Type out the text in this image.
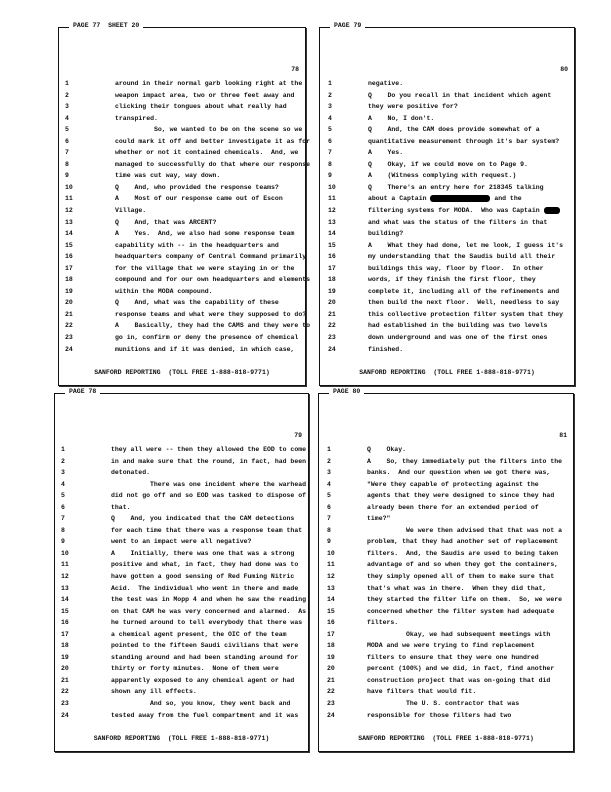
PAGE 77  SHEET 20
78
1	around in their normal garb looking right at the
2	weapon impact area, two or three feet away and
3	clicking their tongues about what really had
4	transpired.
5	So, we wanted to be on the scene so we
6	could mark it off and better investigate it as for
7	whether or not it contained chemicals.  And, we
8	managed to successfully do that where our response
9	time was cut way, way down.
10	Q    And, who provided the response teams?
11	A    Most of our response came out of Escon
12	Village.
13	Q    And, that was ARCENT?
14	A    Yes.  And, we also had some response team
15	capability with -- in the headquarters and
16	headquarters company of Central Command primarily
17	for the village that we were staying in or the
18	compound and for our own headquarters and elements
19	within the MODA compound.
20	Q    And, what was the capability of these
21	response teams and what were they supposed to do?
22	A    Basically, they had the CAMS and they were to
23	go in, confirm or deny the presence of chemical
24	munitions and if it was denied, in which case,
SANFORD REPORTING  (TOLL FREE 1-888-818-9771)
PAGE 79
80
1	negative.
2	Q    Do you recall in that incident which agent
3	they were positive for?
4	A    No, I don't.
5	Q    And, the CAM does provide somewhat of a
6	quantitative measurement through it's bar system?
7	A    Yes.
8	Q    Okay, if we could move on to Page 9.
9	A    (Witness complying with request.)
10	Q    There's an entry here for 218345 talking
11	about a Captain	{R}	and the
12	filtering systems for MODA.  Who was Captain {R}
13	and what was the status of the filters in that
14	building?
15	A    What they had done, let me look, I guess it's
16	my understanding that the Saudis build all their
17	buildings this way, floor by floor.  In other
18	words, if they finish the first floor, they
19	complete it, including all of the refinements and
20	then build the next floor.  Well, needless to say
21	this collective protection filter system that they
22	had established in the building was two levels
23	down underground and was one of the first ones
24	finished.
SANFORD REPORTING  (TOLL FREE 1-888-818-9771)
PAGE 78
79
1	they all were -- then they allowed the EOD to come
2	in and make sure that the round, in fact, had been
3	detonated.
4	There was one incident where the warhead
5	did not go off and so EOD was tasked to dispose of
6	that.
7	Q    And, you indicated that the CAM detections
8	for each time that there was a response team that
9	went to an impact were all negative?
10	A    Initially, there was one that was a strong
11	positive and what, in fact, they had done was to
12	have gotten a good sensing of Red Fuming Nitric
13	Acid.  The individual who went in there and made
14	the test was in Mopp 4 and when he saw the reading
15	on that CAM he was very concerned and alarmed.  As
16	he turned around to tell everybody that there was
17	a chemical agent present, the OIC of the team
18	pointed to the fifteen Saudi civilians that were
19	standing around and had been standing around for
20	thirty or forty minutes.  None of them were
21	apparently exposed to any chemical agent or had
22	shown any ill effects.
23	And so, you know, they went back and
24	tested away from the fuel compartment and it was
SANFORD REPORTING  (TOLL FREE 1-888-818-9771)
PAGE 80
81
1	Q    Okay.
2	A    So, they immediately put the filters into the
3	banks.  And our question when we got there was,
4	"Were they capable of protecting against the
5	agents that they were designed to since they had
6	already been there for an extended period of
7	time?"
8	We were then advised that that was not a
9	problem, that they had another set of replacement
10	filters.  And, the Saudis are used to being taken
11	advantage of and so when they got the containers,
12	they simply opened all of them to make sure that
13	that's what was in there.  When they did that,
14	they started the filter life on them.  So, we were
15	concerned whether the filter system had adequate
16	filters.
17	Okay, we had subsequent meetings with
18	MODA and we were trying to find replacement
19	filters to ensure that they were one hundred
20	percent (100%) and we did, in fact, find another
21	construction project that was on-going that did
22	have filters that would fit.
23	The U. S. contractor that was
24	responsible for those filters had two
SANFORD REPORTING  (TOLL FREE 1-888-818-9771)
